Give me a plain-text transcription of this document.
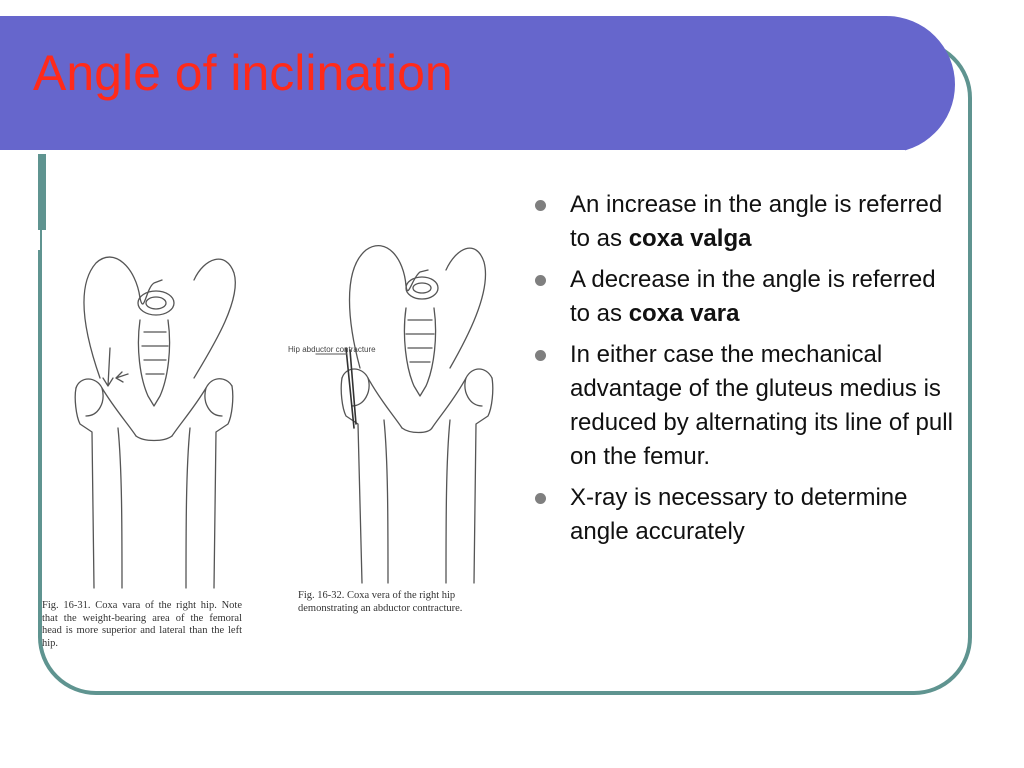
Angle of inclination
Hip abductor contracture

Fig. 16-31. Coxa vara of the right hip. Note that the weight-bearing area of the femoral head is more superior and lateral than the left hip.

Fig. 16-32. Coxa vera of the right hip demonstrating an abductor contracture.

An increase in the angle is referred to as coxa valga
A decrease in the angle is referred to as coxa vara
In either case the mechanical advantage of the gluteus medius is reduced by alternating its line of pull on the femur.
X-ray is necessary to determine angle accurately
